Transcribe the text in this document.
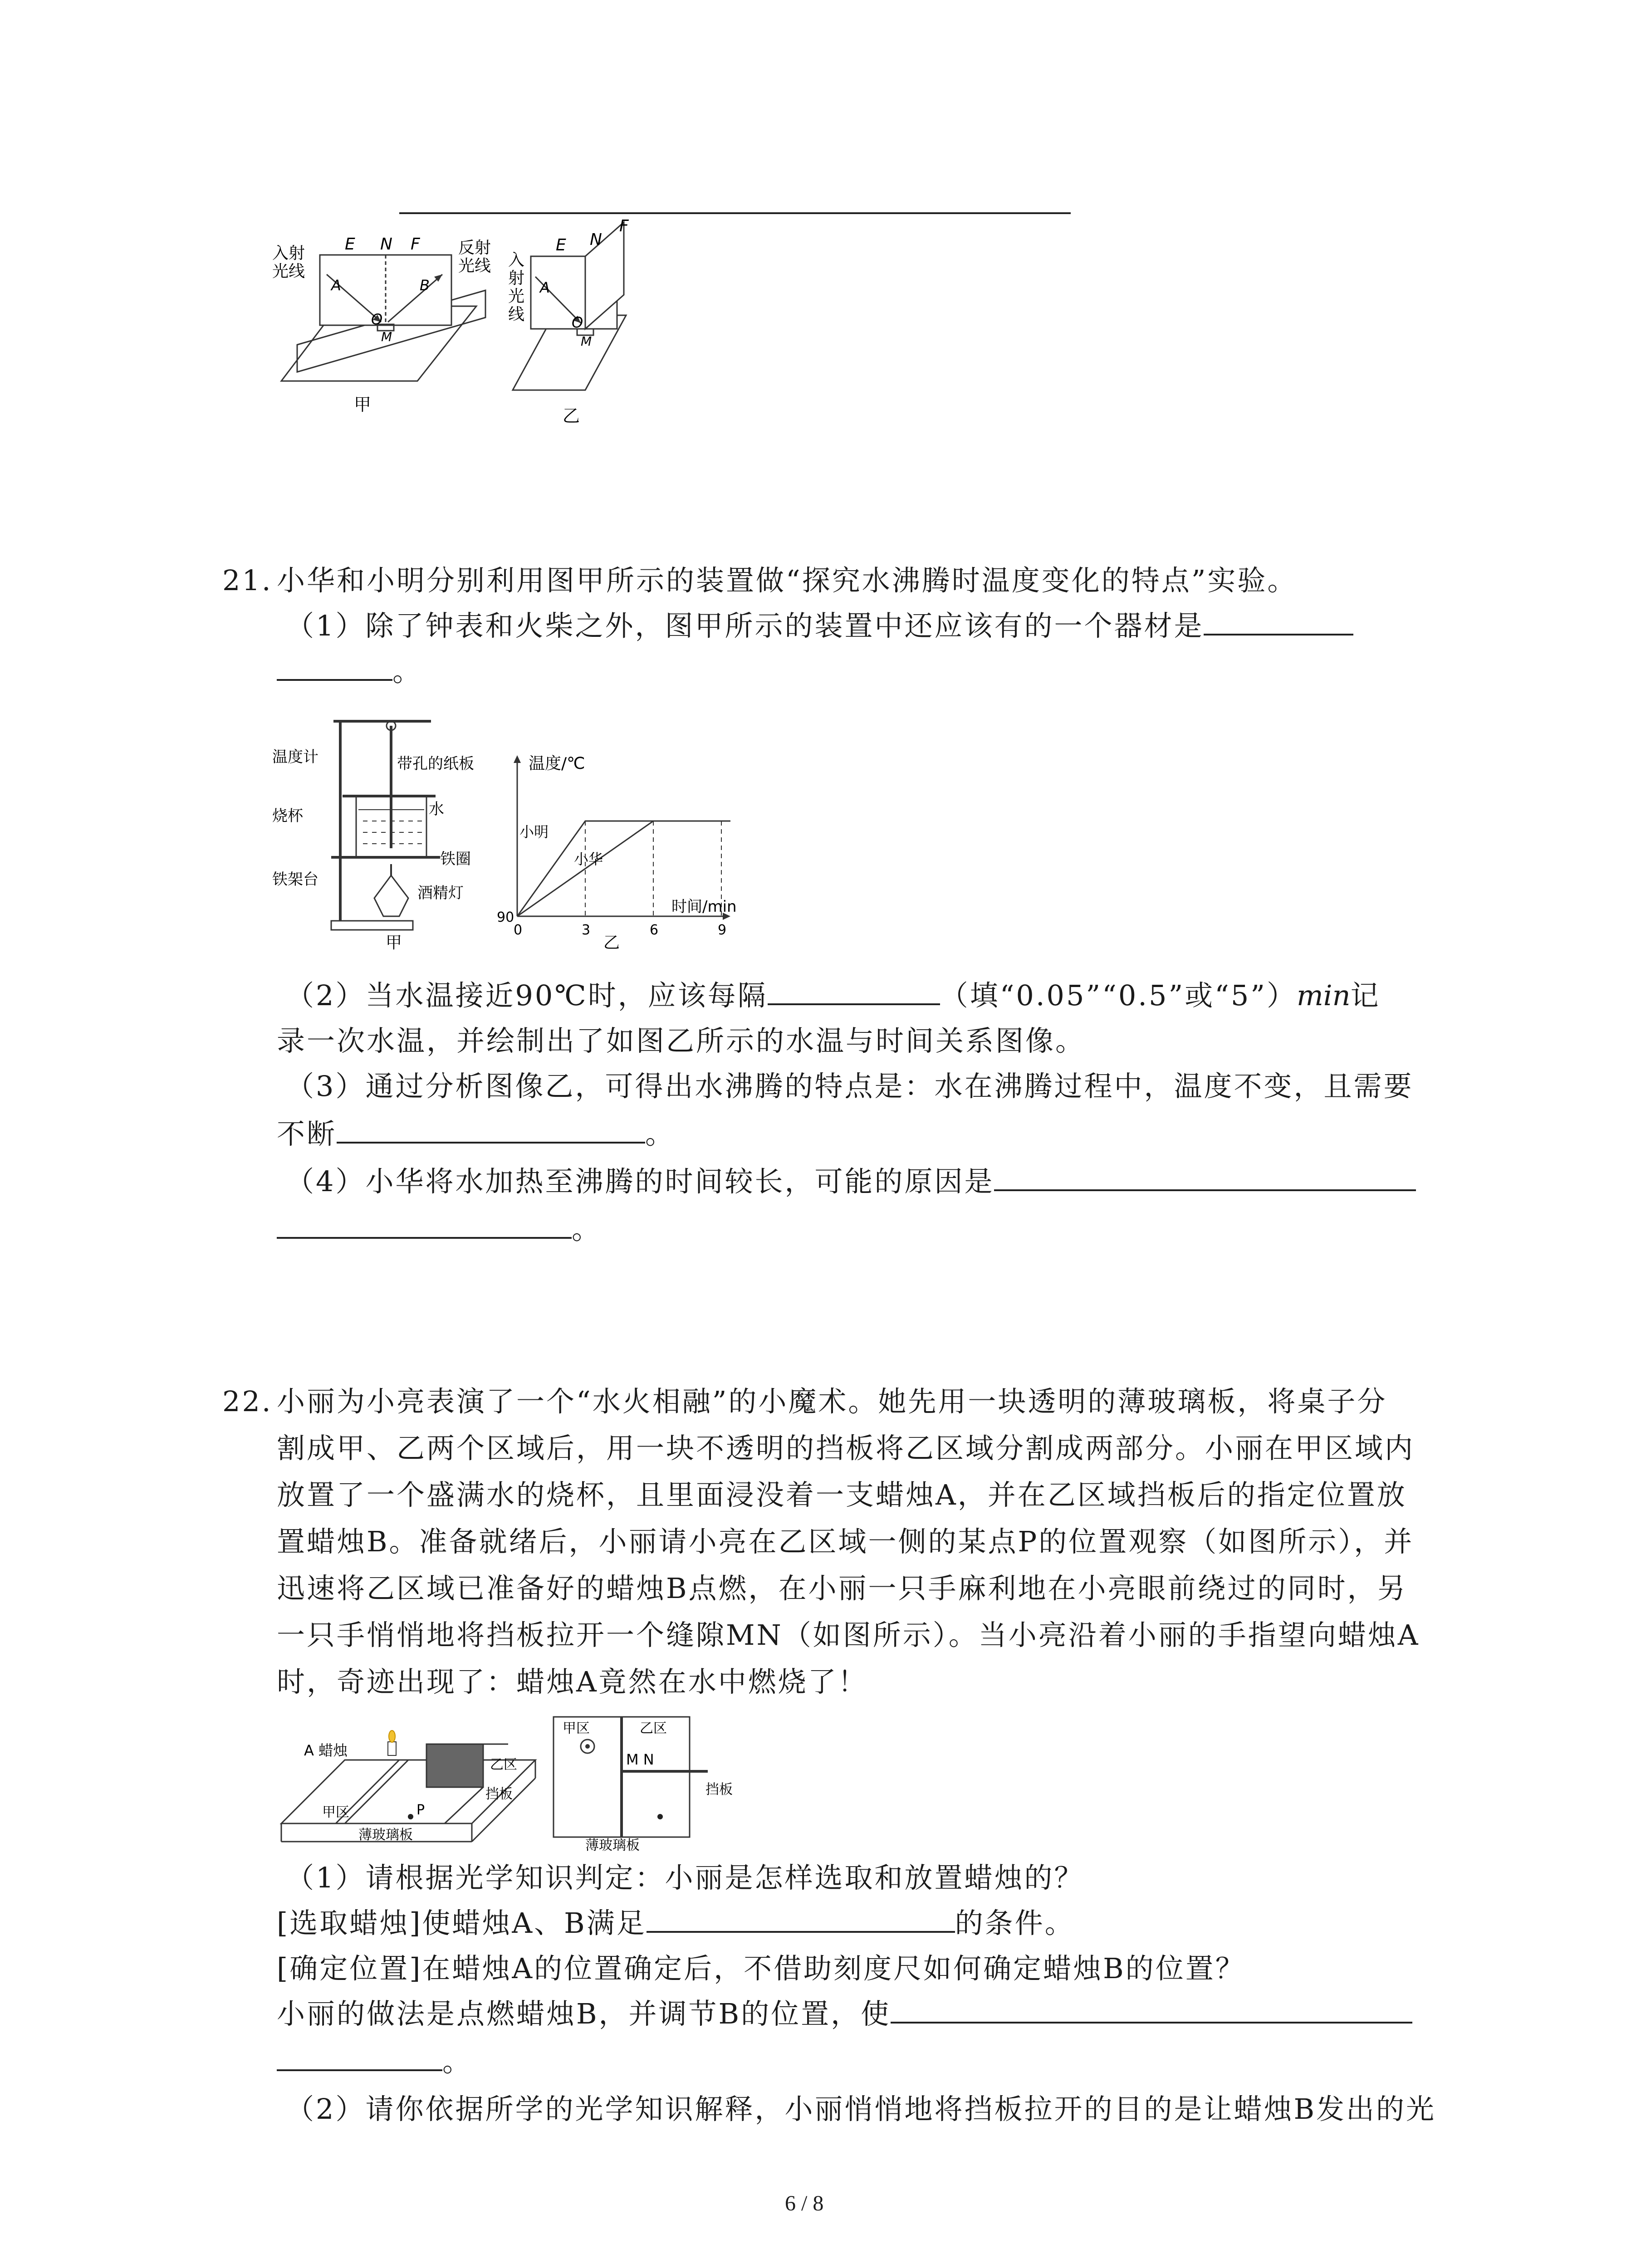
E N F
A	B
O
M
入射
光线
反射
光线
甲
E N
F
A
O
M
入
射
光
线
乙
21. 小华和小明分别利用图甲所示的装置做“探究水沸腾时温度变化的特点”实验。
（1）除了钟表和火柴之外，图甲所示的装置中还应该有的一个器材是
。
温度计	带孔的纸板
烧杯	水
铁圈
铁架台
酒精灯
甲
温度/℃
时间/min
90
0	3	6	9
小明
小华
乙
（2）当水温接近90℃时，应该每隔	（填“0.05”“0.5”或“5”）min记
录一次水温，并绘制出了如图乙所示的水温与时间关系图像。
（3）通过分析图像乙，可得出水沸腾的特点是：水在沸腾过程中，温度不变，且需要
不断	。
（4）小华将水加热至沸腾的时间较长，可能的原因是
。
22. 小丽为小亮表演了一个“水火相融”的小魔术。她先用一块透明的薄玻璃板，将桌子分
割成甲、乙两个区域后，用一块不透明的挡板将乙区域分割成两部分。小丽在甲区域内
放置了一个盛满水的烧杯，且里面浸没着一支蜡烛A，并在乙区域挡板后的指定位置放
置蜡烛B。准备就绪后，小丽请小亮在乙区域一侧的某点P的位置观察（如图所示），并
迅速将乙区域已准备好的蜡烛B点燃，在小丽一只手麻利地在小亮眼前绕过的同时，另
一只手悄悄地将挡板拉开一个缝隙MN（如图所示）。当小亮沿着小丽的手指望向蜡烛A
时，奇迹出现了：蜡烛A竟然在水中燃烧了！
A 蜡烛
甲区
乙区
挡板
P
薄玻璃板
甲区	乙区
M N
挡板
薄玻璃板
（1）请根据光学知识判定：小丽是怎样选取和放置蜡烛的？
[选取蜡烛]使蜡烛A、B满足	的条件。
[确定位置]在蜡烛A的位置确定后，不借助刻度尺如何确定蜡烛B的位置？
小丽的做法是点燃蜡烛B，并调节B的位置，使
。
（2）请你依据所学的光学知识解释，小丽悄悄地将挡板拉开的目的是让蜡烛B发出的光
6 / 8
